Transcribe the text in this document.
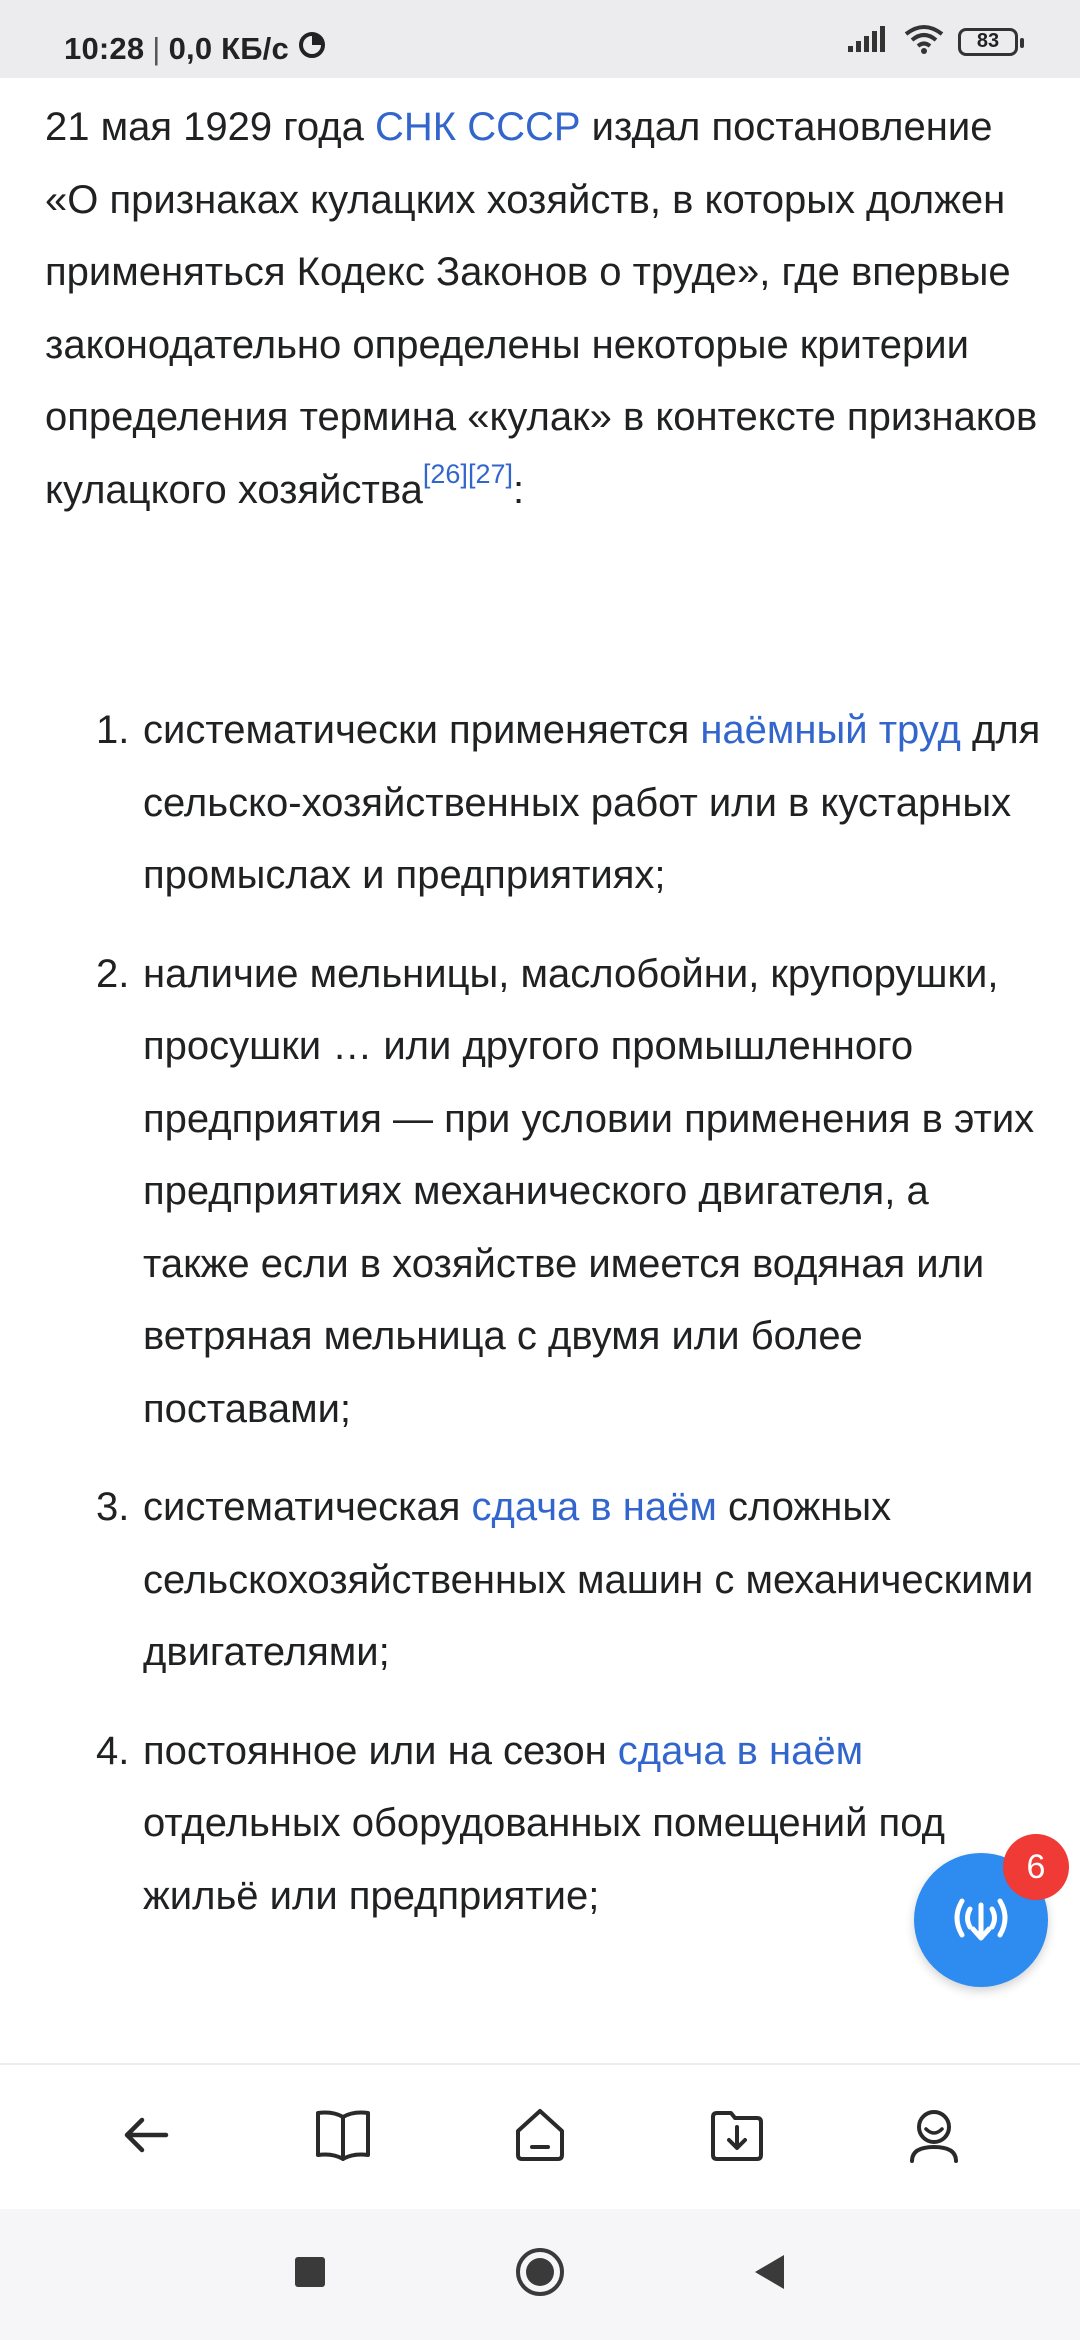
10:28 | 0,0 КБ/с	83

21 мая 1929 года СНК СССР издал постановление «О признаках кулацких хозяйств, в которых должен применяться Кодекс Законов о труде», где впервые законодательно определены некоторые критерии определения термина «кулак» в контексте признаков кулацкого хозяйства[26][27]:

1. систематически применяется наёмный труд для сельско-хозяйственных работ или в кустарных промыслах и предприятиях;
2. наличие мельницы, маслобойни, крупорушки, просушки … или другого промышленного предприятия — при условии применения в этих предприятиях механического двигателя, а также если в хозяйстве имеется водяная или ветряная мельница с двумя или более поставами;
3. систематическая сдача в наём сложных сельскохозяйственных машин с механическими двигателями;
4. постоянное или на сезон сдача в наём отдельных оборудованных помещений под жильё или предприятие;
6
